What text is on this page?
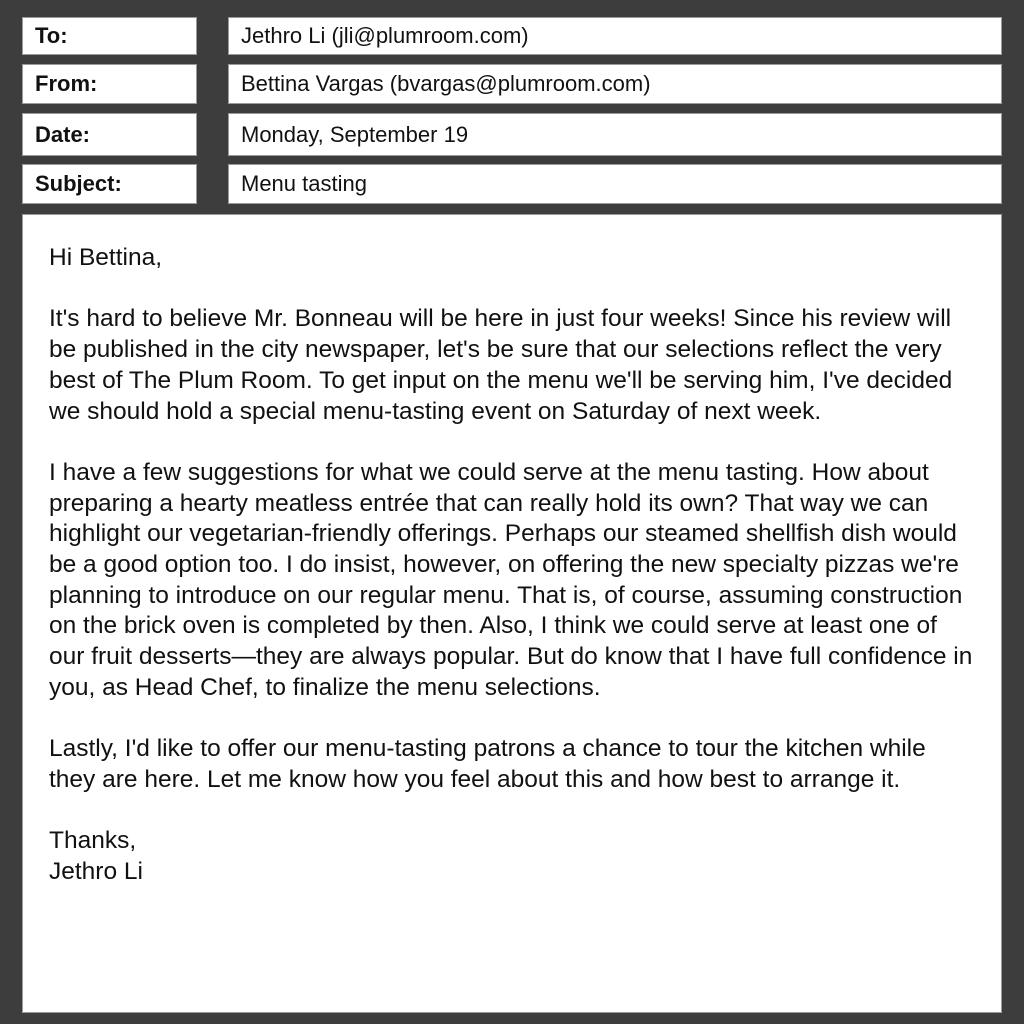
To:	Jethro Li (jli@plumroom.com)
From:	Bettina Vargas (bvargas@plumroom.com)
Date:	Monday, September 19
Subject:	Menu tasting

Hi Bettina,

It's hard to believe Mr. Bonneau will be here in just four weeks! Since his review will be published in the city newspaper, let's be sure that our selections reflect the very best of The Plum Room. To get input on the menu we'll be serving him, I've decided we should hold a special menu-tasting event on Saturday of next week.

I have a few suggestions for what we could serve at the menu tasting. How about preparing a hearty meatless entrée that can really hold its own? That way we can highlight our vegetarian-friendly offerings. Perhaps our steamed shellfish dish would be a good option too. I do insist, however, on offering the new specialty pizzas we're planning to introduce on our regular menu. That is, of course, assuming construction on the brick oven is completed by then. Also, I think we could serve at least one of our fruit desserts—they are always popular. But do know that I have full confidence in you, as Head Chef, to finalize the menu selections.

Lastly, I'd like to offer our menu-tasting patrons a chance to tour the kitchen while they are here. Let me know how you feel about this and how best to arrange it.

Thanks,

Jethro Li
